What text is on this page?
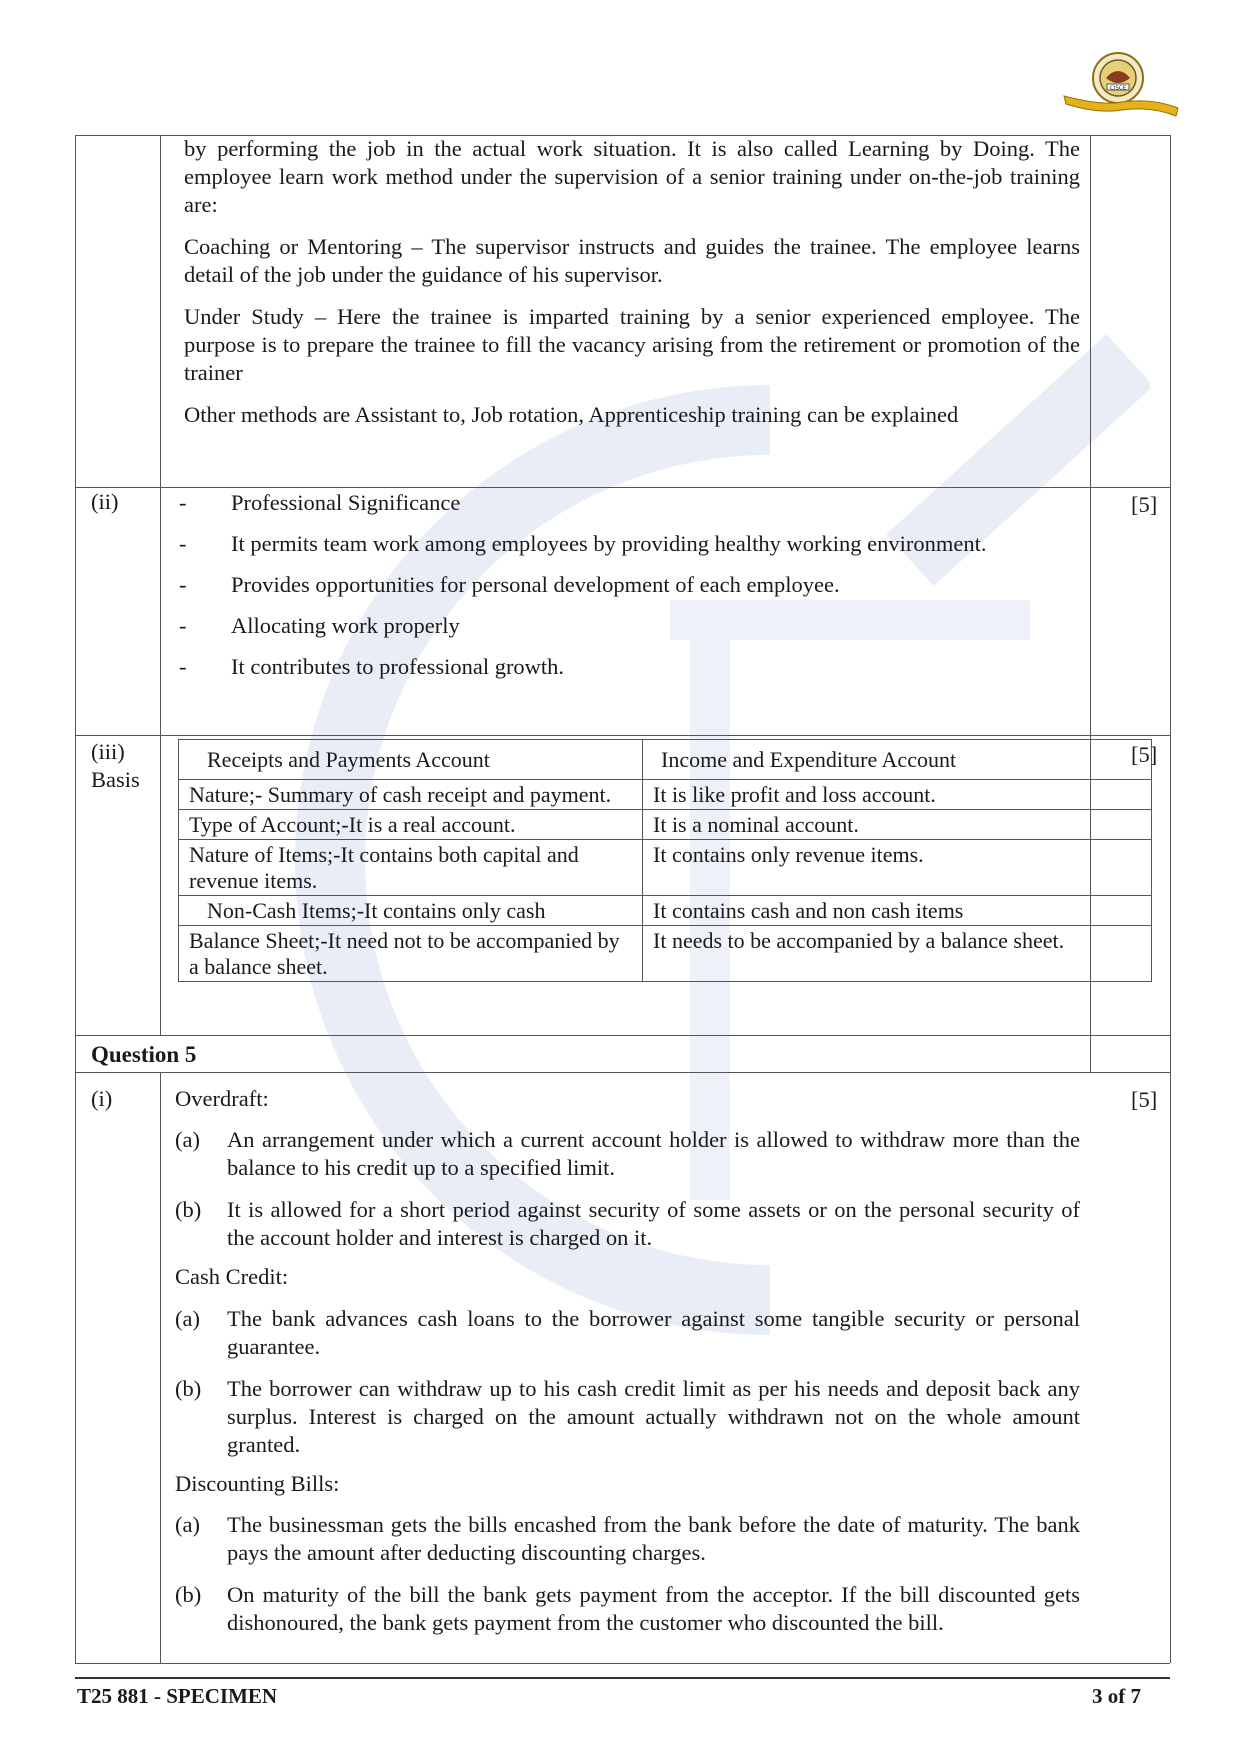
CISCE

by performing the job in the actual work situation. It is also called Learning by Doing. The employee learn work method under the supervision of a senior training under on-the-job training are:

Coaching or Mentoring – The supervisor instructs and guides the trainee. The employee learns detail of the job under the guidance of his supervisor.

Under Study – Here the trainee is imparted training by a senior experienced employee. The purpose is to prepare the trainee to fill the vacancy arising from the retirement or promotion of the trainer

Other methods are Assistant to, Job rotation, Apprenticeship training can be explained

(ii)	[5]
- Professional Significance
- It permits team work among employees by providing healthy working environment.
- Provides opportunities for personal development of each employee.
- Allocating work properly
- It contributes to professional growth.
(iii)
Basis
[5]
Receipts and Payments Account	Income and Expenditure Account
Nature;- Summary of cash receipt and payment.	It is like profit and loss account.
Type of Account;-It is a real account.	It is a nominal account.
Nature of Items;-It contains both capital and revenue items.	It contains only revenue items.
Non-Cash Items;-It contains only cash	It contains cash and non cash items
Balance Sheet;-It need not to be accompanied by a balance sheet.	It needs to be accompanied by a balance sheet.
Question 5
(i)	[5]
Overdraft:
(a) An arrangement under which a current account holder is allowed to withdraw more than the balance to his credit up to a specified limit.
(b) It is allowed for a short period against security of some assets or on the personal security of the account holder and interest is charged on it.
Cash Credit:
(a) The bank advances cash loans to the borrower against some tangible security or personal guarantee.
(b) The borrower can withdraw up to his cash credit limit as per his needs and deposit back any surplus. Interest is charged on the amount actually withdrawn not on the whole amount granted.
Discounting Bills:
(a) The businessman gets the bills encashed from the bank before the date of maturity. The bank pays the amount after deducting discounting charges.
(b) On maturity of the bill the bank gets payment from the acceptor. If the bill discounted gets dishonoured, the bank gets payment from the customer who discounted the bill.
T25 881 - SPECIMEN	3 of 7
